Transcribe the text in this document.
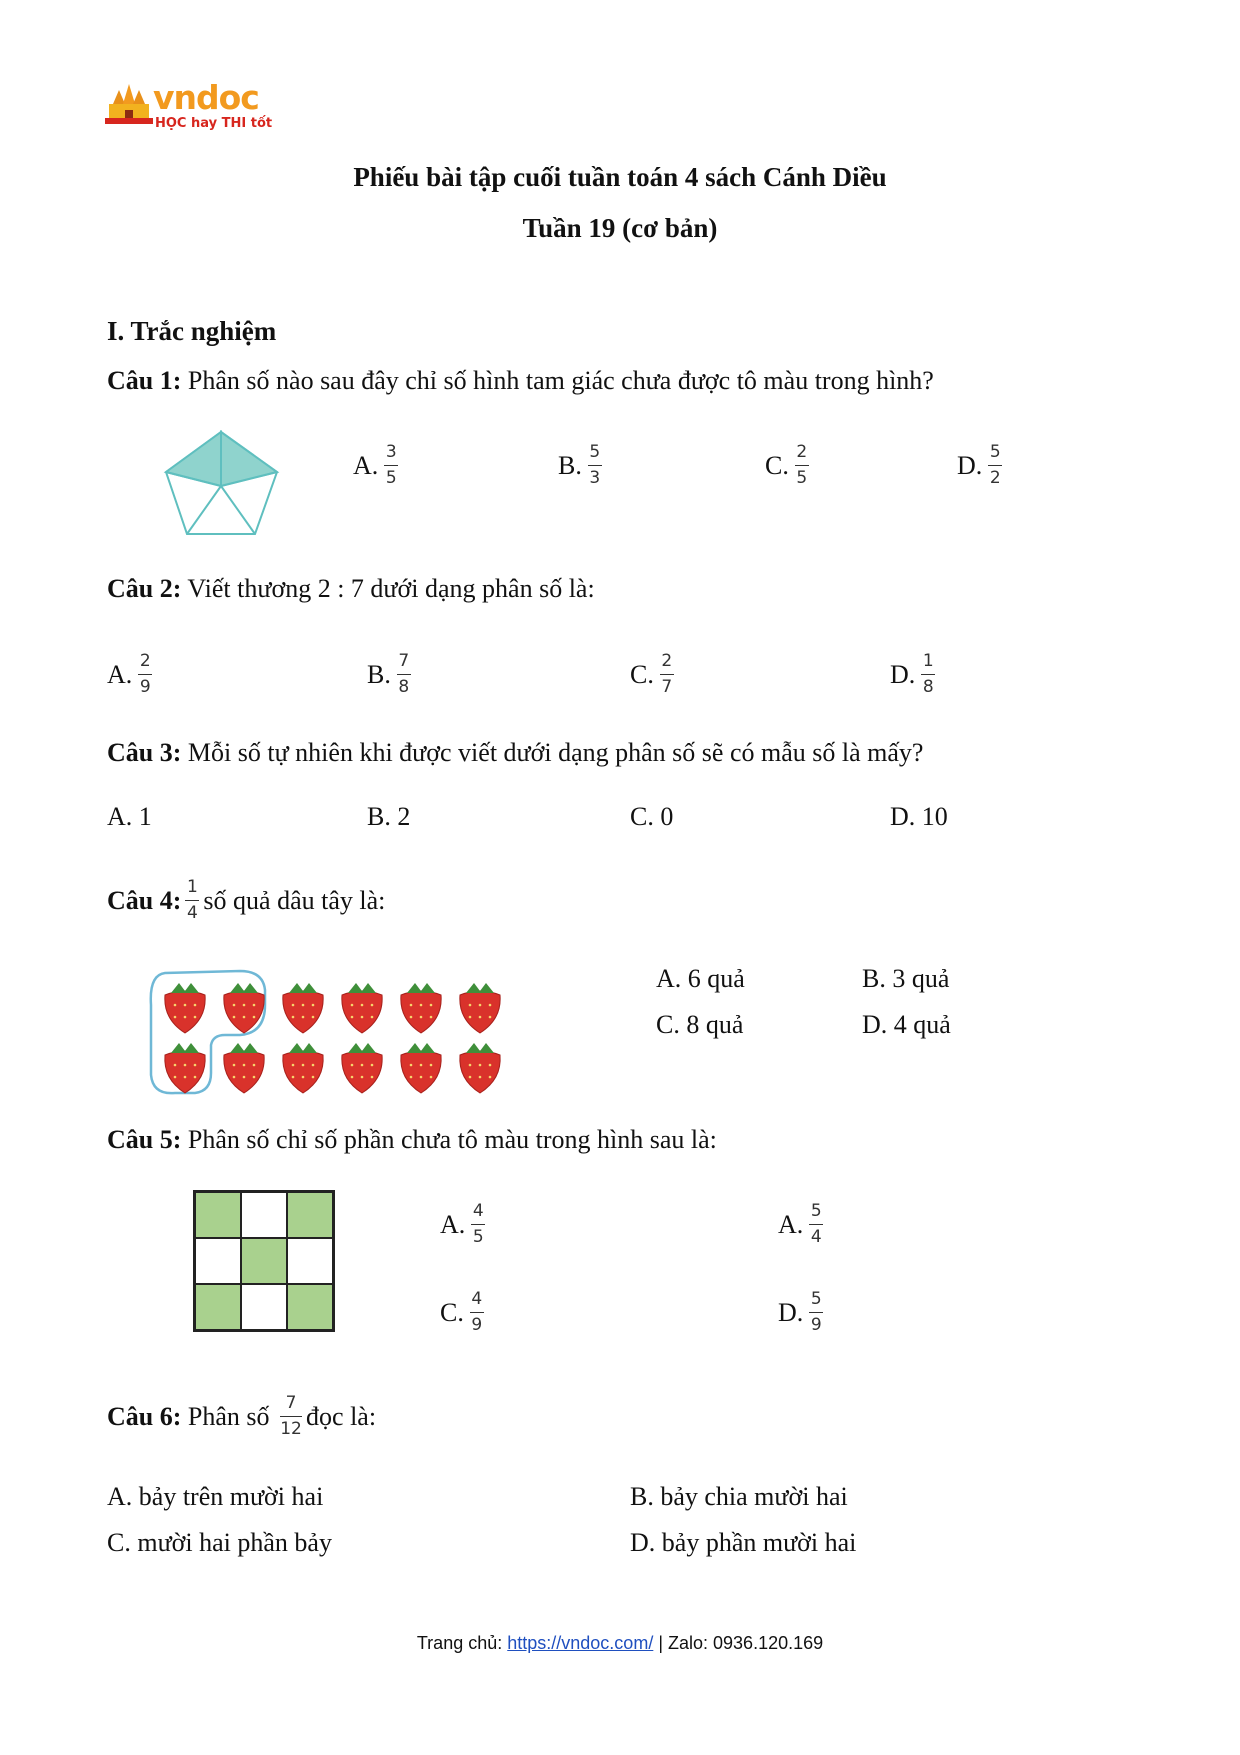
vndoc
HỌC hay THI tốt
Phiếu bài tập cuối tuần toán 4 sách Cánh Diều
Tuần 19 (cơ bản)
I. Trắc nghiệm
Câu 1: Phân số nào sau đây chỉ số hình tam giác chưa được tô màu trong hình?
A. $\frac{3}{5}$	B. $\frac{5}{3}$	C. $\frac{2}{5}$	D. $\frac{5}{2}$
Câu 2: Viết thương 2 : 7 dưới dạng phân số là:
A. $\frac{2}{9}$	B. $\frac{7}{8}$	C. $\frac{2}{7}$	D. $\frac{1}{8}$
Câu 3: Mỗi số tự nhiên khi được viết dưới dạng phân số sẽ có mẫu số là mấy?
A. 1	B. 2	C. 0	D. 10
Câu 4: $\frac{1}{4}$ số quả dâu tây là:
A. 6 quả	B. 3 quả
C. 8 quả	D. 4 quả
Câu 5: Phân số chỉ số phần chưa tô màu trong hình sau là:
A. $\frac{4}{5}$	A. $\frac{5}{4}$
C. $\frac{4}{9}$	D. $\frac{5}{9}$
Câu 6: Phân số $\frac{7}{12}$ đọc là:
A. bảy trên mười hai	B. bảy chia mười hai
C. mười hai phần bảy	D. bảy phần mười hai
Trang chủ: https://vndoc.com/ | Zalo: 0936.120.169
